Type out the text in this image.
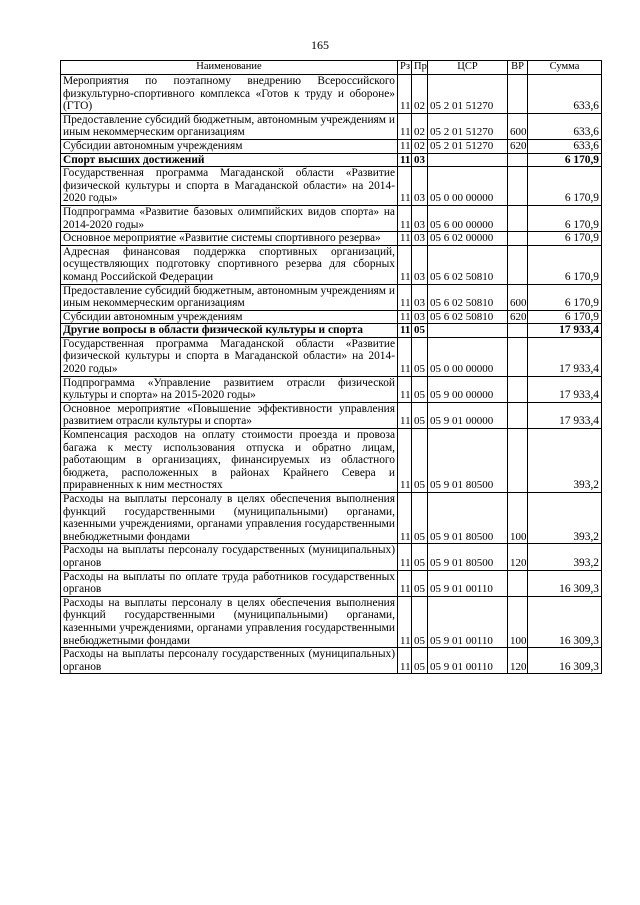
165
Наименование	Рз	Пр	ЦСР	ВР	Сумма
Мероприятия по поэтапному внедрению Всероссийского физкультурно-спортивного комплекса «Готов к труду и обороне» (ГТО)	11	02	05 2 01 51270		633,6
Предоставление субсидий бюджетным, автономным учреждениям и иным некоммерческим организациям	11	02	05 2 01 51270	600	633,6
Субсидии автономным учреждениям	11	02	05 2 01 51270	620	633,6
Спорт высших достижений	11	03			6 170,9
Государственная программа Магаданской области «Развитие физической культуры и спорта в Магаданской области» на 2014-2020 годы»	11	03	05 0 00 00000		6 170,9
Подпрограмма «Развитие базовых олимпийских видов спорта» на 2014-2020 годы»	11	03	05 6 00 00000		6 170,9
Основное мероприятие «Развитие системы спортивного резерва»	11	03	05 6 02 00000		6 170,9
Адресная финансовая поддержка спортивных организаций, осуществляющих подготовку спортивного резерва для сборных команд Российской Федерации	11	03	05 6 02 50810		6 170,9
Предоставление субсидий бюджетным, автономным учреждениям и иным некоммерческим организациям	11	03	05 6 02 50810	600	6 170,9
Субсидии автономным учреждениям	11	03	05 6 02 50810	620	6 170,9
Другие вопросы в области физической культуры и спорта	11	05			17 933,4
Государственная программа Магаданской области «Развитие физической культуры и спорта в Магаданской области» на 2014-2020 годы»	11	05	05 0 00 00000		17 933,4
Подпрограмма «Управление развитием отрасли физической культуры и спорта» на 2015-2020 годы»	11	05	05 9 00 00000		17 933,4
Основное мероприятие «Повышение эффективности управления развитием отрасли культуры и спорта»	11	05	05 9 01 00000		17 933,4
Компенсация расходов на оплату стоимости проезда и провоза багажа к месту использования отпуска и обратно лицам, работающим в организациях, финансируемых из областного бюджета, расположенных в районах Крайнего Севера и приравненных к ним местностях	11	05	05 9 01 80500		393,2
Расходы на выплаты персоналу в целях обеспечения выполнения функций государственными (муниципальными) органами, казенными учреждениями, органами управления государственными внебюджетными фондами	11	05	05 9 01 80500	100	393,2
Расходы на выплаты персоналу государственных (муниципальных) органов	11	05	05 9 01 80500	120	393,2
Расходы на выплаты по оплате труда работников государственных органов	11	05	05 9 01 00110		16 309,3
Расходы на выплаты персоналу в целях обеспечения выполнения функций государственными (муниципальными) органами, казенными учреждениями, органами управления государственными внебюджетными фондами	11	05	05 9 01 00110	100	16 309,3
Расходы на выплаты персоналу государственных (муниципальных) органов	11	05	05 9 01 00110	120	16 309,3
